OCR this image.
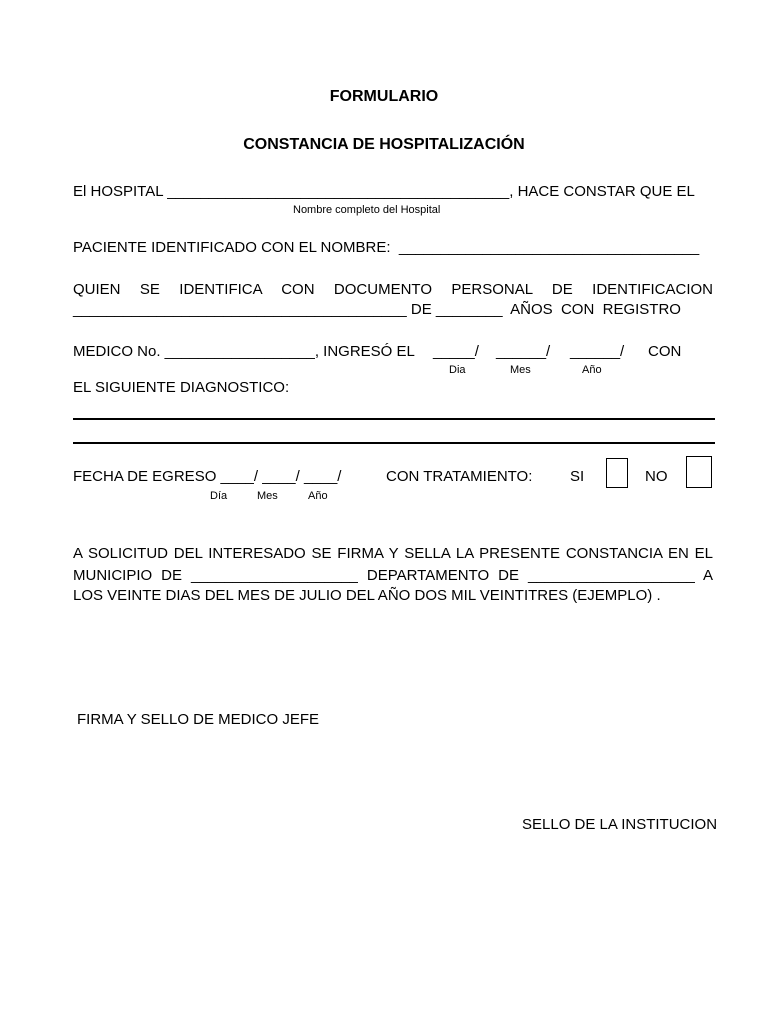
FORMULARIO
CONSTANCIA DE HOSPITALIZACIÓN
El HOSPITAL _________________________________________, HACE CONSTAR QUE EL
Nombre completo del Hospital
PACIENTE IDENTIFICADO CON EL NOMBRE:  ____________________________________
QUIEN SE IDENTIFICA CON DOCUMENTO PERSONAL DE IDENTIFICACION
________________________________________ DE ________  AÑOS  CON  REGISTRO
MEDICO No. __________________, INGRESÓ EL _____/ ______/ ______/ CON
Dia	Mes	Año
EL SIGUIENTE DIAGNOSTICO:
FECHA DE EGRESO ____/ ____/ ____/
Día	Mes	Año
CON TRATAMIENTO:	SI	NO
A SOLICITUD DEL INTERESADO SE FIRMA Y SELLA LA PRESENTE CONSTANCIA EN EL
MUNICIPIO DE ____________________ DEPARTAMENTO DE ____________________ A
LOS VEINTE DIAS DEL MES DE JULIO DEL AÑO DOS MIL VEINTITRES (EJEMPLO) .
FIRMA Y SELLO DE MEDICO JEFE
SELLO DE LA INSTITUCION
